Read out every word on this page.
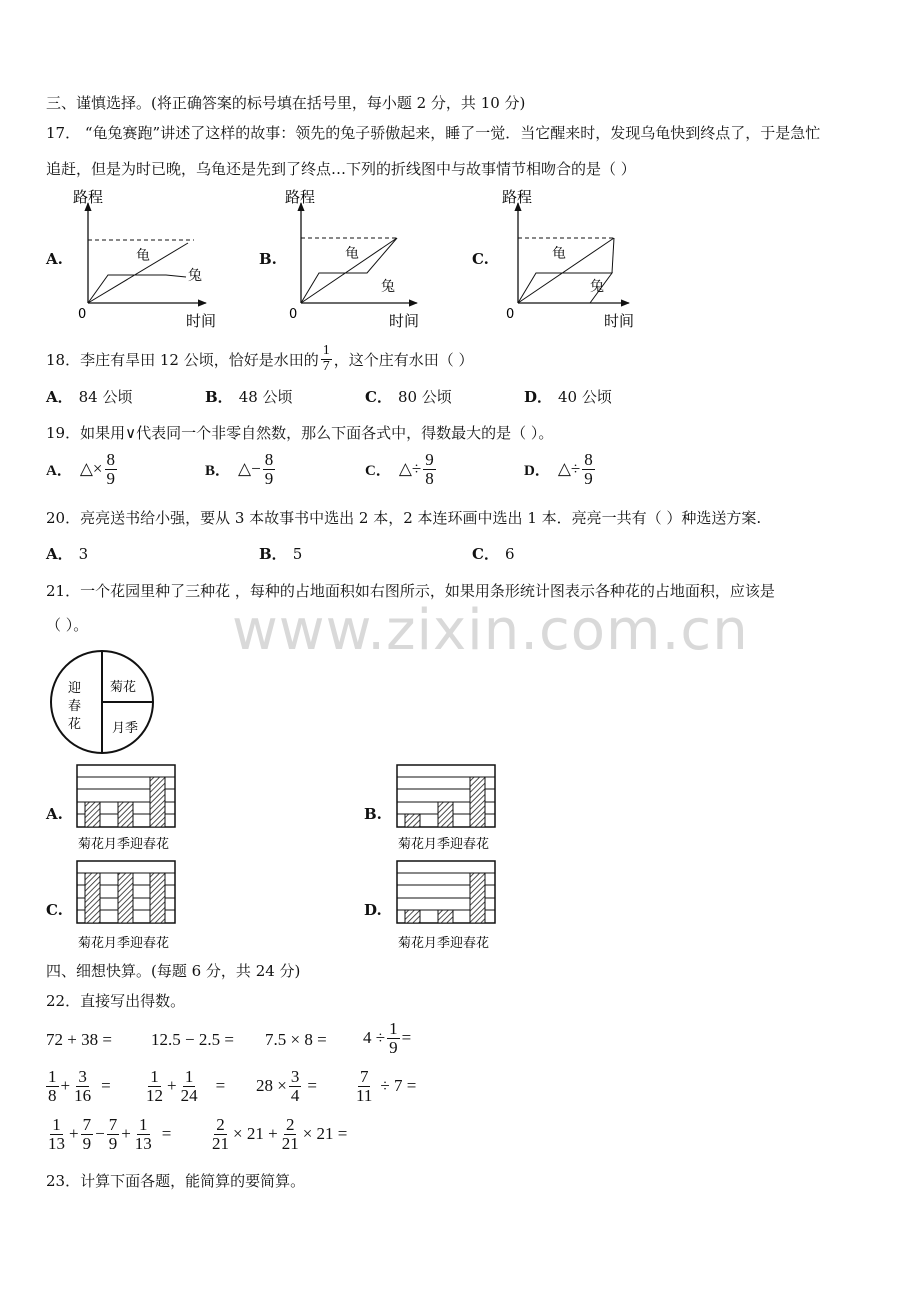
三、谨慎选择。(将正确答案的标号填在括号里，每小题 2 分，共 10 分)
17． “龟兔赛跑”讲述了这样的故事：领先的兔子骄傲起来，睡了一觉．当它醒来时，发现乌龟快到终点了，于是急忙
追赶，但是为时已晚，乌龟还是先到了终点…下列的折线图中与故事情节相吻合的是（ ）
A.	B.	C.
路程
时间
0
龟
兔
路程
时间
0
龟
兔
路程
时间
0
龟
兔
18．李庄有旱田 12 公顷，恰好是水田的 $\frac{1}{7}$ ，这个庄有水田（ ）
A． 84 公顷	B． 48 公顷	C． 80 公顷	D． 40 公顷
19．如果用∨代表同一个非零自然数，那么下面各式中，得数最大的是（ ）。
A． △× $\frac{8}{9}$	B． △− $\frac{8}{9}$	C． △÷ $\frac{9}{8}$	D． △÷ $\frac{8}{9}$
20．亮亮送书给小强，要从 3 本故事书中选出 2 本，2 本连环画中选出 1 本．亮亮一共有（ ）种选送方案.
A． 3	B． 5	C． 6
21．一个花园里种了三种花 ，每种的占地面积如右图所示，如果用条形统计图表示各种花的占地面积，应该是
（ ）。	www.zixin.com.cn
迎
春
花
菊花
月季
A.	B.
C.	D.
菊花月季迎春花	菊花月季迎春花
菊花月季迎春花	菊花月季迎春花
四、细想快算。(每题 6 分，共 24 分)
22．直接写出得数。
$72 + 38 = 12.5 - 2.5 = 7.5 \times 8 = 4 \div \frac{1}{9}$ =
$\frac{1}{8} + \frac{3}{16} = \frac{1}{12} + \frac{1}{24} = 28 \times \frac{3}{4} = \frac{7}{11} \div 7$ =
$\frac{1}{13} + \frac{7}{9} - \frac{7}{9} + \frac{1}{13} = \frac{2}{21} \times 21 + \frac{2}{21} \times 21$ =
23．计算下面各题，能简算的要简算。
